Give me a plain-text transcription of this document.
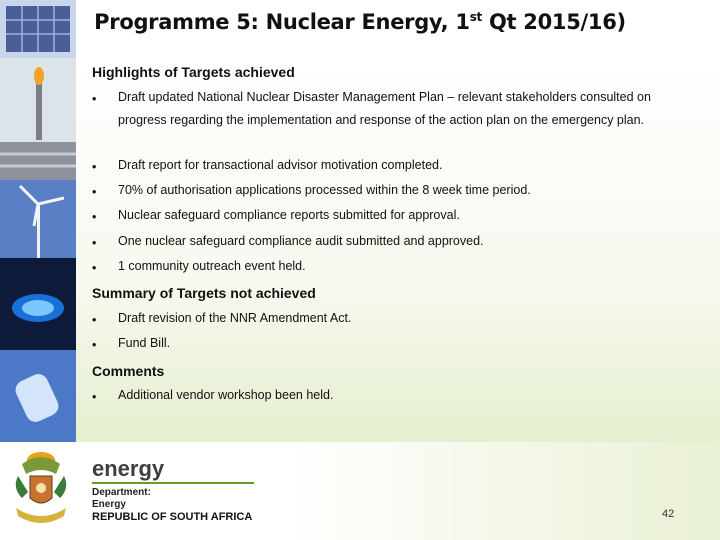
Programme 5: Nuclear Energy, 1st Qt 2015/16)
Highlights of Targets achieved
• Draft updated National Nuclear Disaster Management Plan – relevant stakeholders consulted on progress regarding the implementation and response of the action plan on the emergency plan.
• Draft report for transactional advisor motivation completed.
• 70% of authorisation applications processed within the 8 week time period.
• Nuclear safeguard compliance reports submitted for approval.
• One nuclear safeguard compliance audit submitted and approved.
• 1 community outreach event held.
Summary of Targets not achieved
• Draft revision of the NNR Amendment Act.
• Fund Bill.
Comments
• Additional vendor workshop been held.
energy
Department:
Energy
REPUBLIC OF SOUTH AFRICA	42
